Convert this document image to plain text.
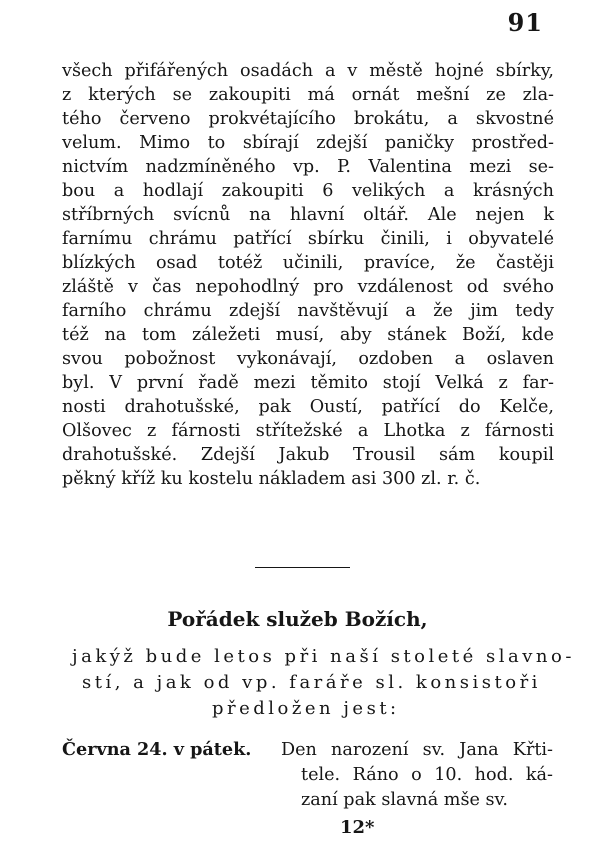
91
všech přifářených osadách a v městě hojné sbírky,
z kterých se zakoupiti má ornát mešní ze zla-
tého červeno prokvétajícího brokátu, a skvostné
velum. Mimo to sbírají zdejší paničky prostřed-
nictvím nadzmíněného vp. P. Valentina mezi se-
bou a hodlají zakoupiti 6 velikých a krásných
stříbrných svícnů na hlavní oltář. Ale nejen k
farnímu chrámu patřící sbírku činili, i obyvatelé
blízkých osad totéž učinili, pravíce, že častěji
zláště v čas nepohodlný pro vzdálenost od svého
farního chrámu zdejší navštěvují a že jim tedy
též na tom záležeti musí, aby stánek Boží, kde
svou pobožnost vykonávají, ozdoben a oslaven
byl. V první řadě mezi těmito stojí Velká z far-
nosti drahotušské, pak Oustí, patřící do Kelče,
Olšovec z fárnosti střítežské a Lhotka z fárnosti
drahotušské. Zdejší Jakub Trousil sám koupil
pěkný kříž ku kostelu nákladem asi 300 zl. r. č.
Pořádek služeb Božích,
jakýž bude letos při naší stoleté slavno-
stí, a jak od vp. faráře sl. konsistoři
předložen jest:
Června 24. v pátek. Den narození sv. Jana Křti-
tele. Ráno o 10. hod. ká-
zaní pak slavná mše sv.
12*
